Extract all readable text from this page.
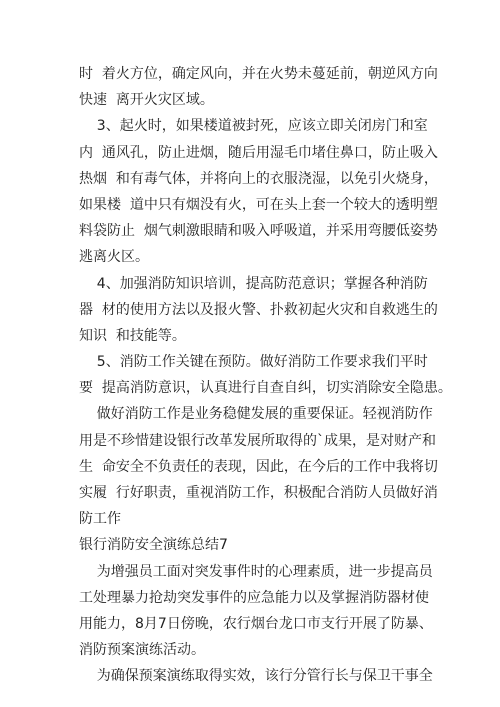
时  着火方位，确定风向，并在火势未蔓延前，朝逆风方向
快速  离开火灾区域。
3、起火时，如果楼道被封死，应该立即关闭房门和室
内  通风孔，防止进烟，随后用湿毛巾堵住鼻口，防止吸入
热烟  和有毒气体，并将向上的衣服浇湿，以免引火烧身，
如果楼  道中只有烟没有火，可在头上套一个较大的透明塑
料袋防止  烟气刺激眼睛和吸入呼吸道，并采用弯腰低姿势
逃离火区。
4、加强消防知识培训，提高防范意识；掌握各种消防
器  材的使用方法以及报火警、扑救初起火灾和自救逃生的
知识  和技能等。
5、消防工作关键在预防。做好消防工作要求我们平时
要  提高消防意识，认真进行自查自纠，切实消除安全隐患。
做好消防工作是业务稳健发展的重要保证。轻视消防作
用是不珍惜建设银行改革发展所取得的`成果，是对财产和
生  命安全不负责任的表现，因此，在今后的工作中我将切
实履  行好职责，重视消防工作，积极配合消防人员做好消
防工作
银行消防安全演练总结7
为增强员工面对突发事件时的心理素质，进一步提高员
工处理暴力抢劫突发事件的应急能力以及掌握消防器材使
用能力，8月7日傍晚，农行烟台龙口市支行开展了防暴、
消防预案演练活动。
为确保预案演练取得实效，该行分管行长与保卫干事全
